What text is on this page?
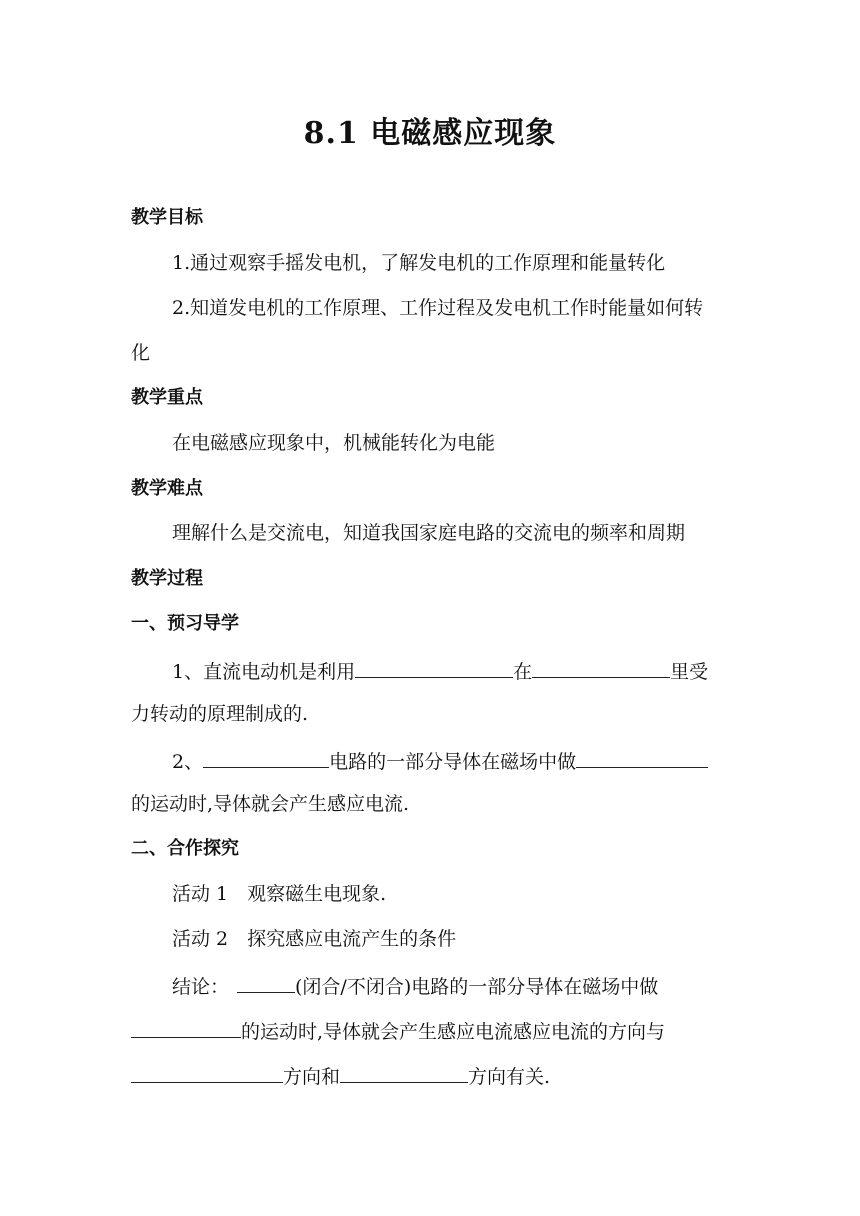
8.1 电磁感应现象
教学目标
1.通过观察手摇发电机，了解发电机的工作原理和能量转化
2.知道发电机的工作原理、工作过程及发电机工作时能量如何转
化
教学重点
在电磁感应现象中，机械能转化为电能
教学难点
理解什么是交流电，知道我国家庭电路的交流电的频率和周期
教学过程
一、预习导学
1、直流电动机是利用	在	里受
力转动的原理制成的.
2、	电路的一部分导体在磁场中做
的运动时,导体就会产生感应电流.
二、合作探究
活动 1　观察磁生电现象.
活动 2　探究感应电流产生的条件
结论：	(闭合/不闭合)电路的一部分导体在磁场中做
的运动时,导体就会产生感应电流感应电流的方向与
方向和	方向有关.
